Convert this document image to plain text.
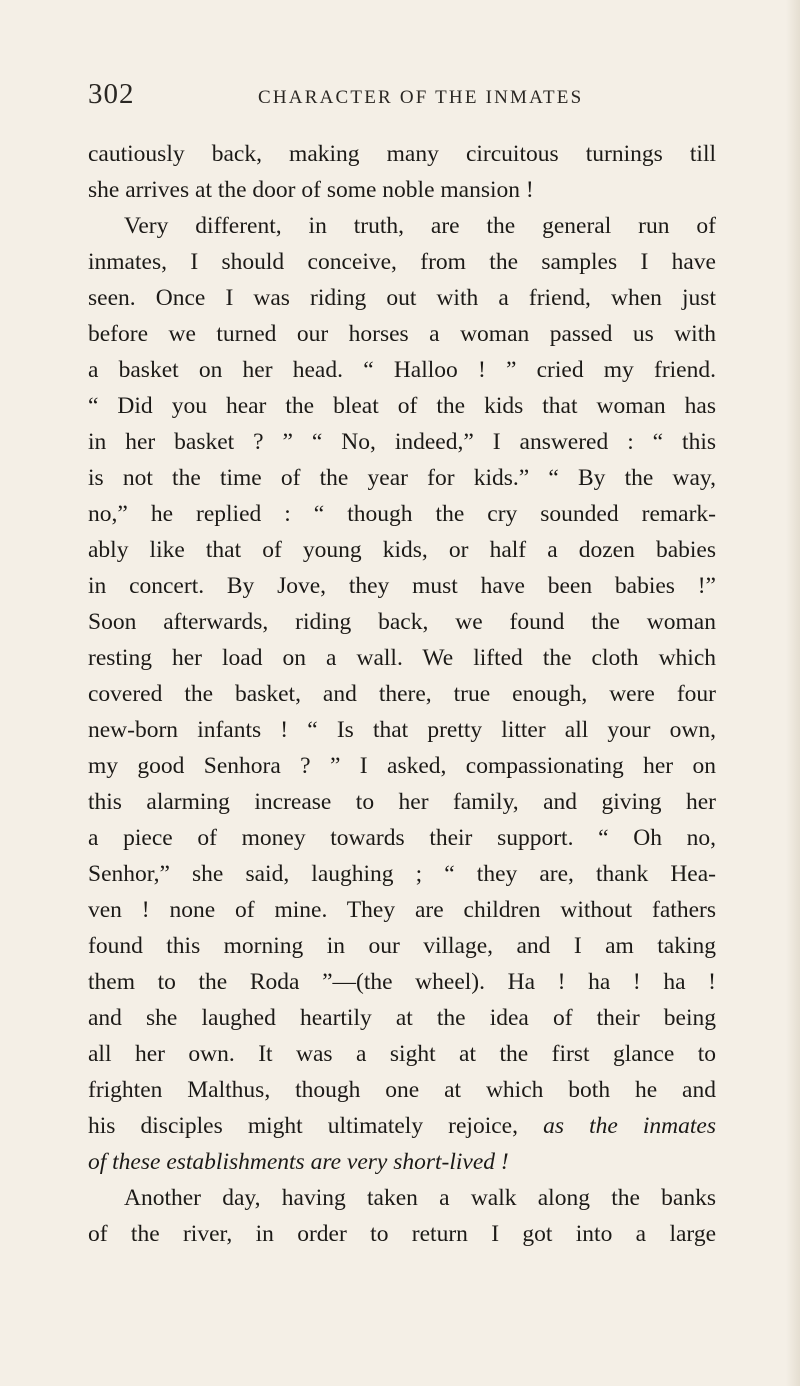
302	CHARACTER OF THE INMATES
cautiously back, making many circuitous turnings till
she arrives at the door of some noble mansion !
Very different, in truth, are the general run of
inmates, I should conceive, from the samples I have
seen. Once I was riding out with a friend, when just
before we turned our horses a woman passed us with
a basket on her head. “ Halloo ! ” cried my friend.
“ Did you hear the bleat of the kids that woman has
in her basket ? ” “ No, indeed,” I answered : “ this
is not the time of the year for kids.” “ By the way,
no,” he replied : “ though the cry sounded remark-
ably like that of young kids, or half a dozen babies
in concert. By Jove, they must have been babies !”
Soon afterwards, riding back, we found the woman
resting her load on a wall. We lifted the cloth which
covered the basket, and there, true enough, were four
new-born infants ! “ Is that pretty litter all your own,
my good Senhora ? ” I asked, compassionating her on
this alarming increase to her family, and giving her
a piece of money towards their support. “ Oh no,
Senhor,” she said, laughing ; “ they are, thank Hea-
ven ! none of mine. They are children without fathers
found this morning in our village, and I am taking
them to the Roda ”—(the wheel). Ha ! ha ! ha !
and she laughed heartily at the idea of their being
all her own. It was a sight at the first glance to
frighten Malthus, though one at which both he and
his disciples might ultimately rejoice, as the inmates
of these establishments are very short-lived !
Another day, having taken a walk along the banks
of the river, in order to return I got into a large
